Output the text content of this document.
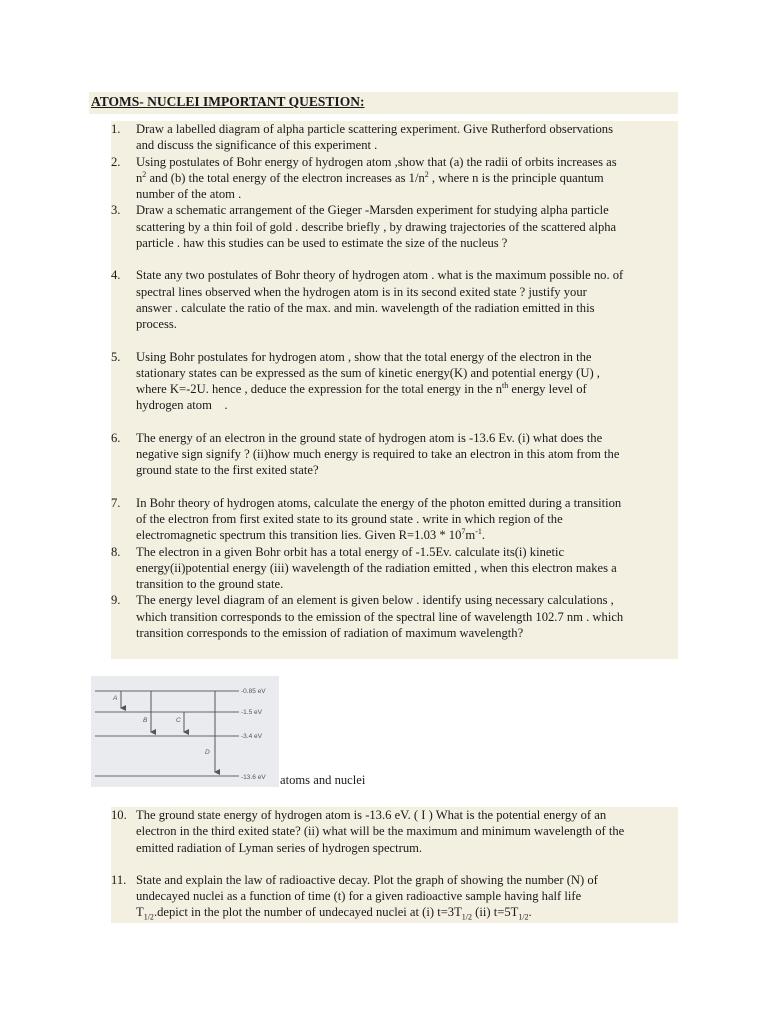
ATOMS- NUCLEI IMPORTANT QUESTION:
1. Draw a labelled diagram of alpha particle scattering experiment. Give Rutherford observations
and discuss the significance of this experiment .
2. Using postulates of Bohr energy of hydrogen atom ,show that (a) the radii of orbits increases as
$n^2$ and (b) the total energy of the electron increases as $1/n^2$ , where n is the principle quantum
number of the atom .
3. Draw a schematic arrangement of the Gieger -Marsden experiment for studying alpha particle
scattering by a thin foil of gold . describe briefly , by drawing trajectories of the scattered alpha
particle . haw this studies can be used to estimate the size of the nucleus ?
4. State any two postulates of Bohr theory of hydrogen atom . what is the maximum possible no. of
spectral lines observed when the hydrogen atom is in its second exited state ? justify your
answer . calculate the ratio of the max. and min. wavelength of the radiation emitted in this
process.
5. Using Bohr postulates for hydrogen atom , show that the total energy of the electron in the
stationary states can be expressed as the sum of kinetic energy(K) and potential energy (U) ,
where K=-2U. hence , deduce the expression for the total energy in the $n^{th}$ energy level of
hydrogen atom    .
6. The energy of an electron in the ground state of hydrogen atom is -13.6 Ev. (i) what does the
negative sign signify ? (ii)how much energy is required to take an electron in this atom from the
ground state to the first exited state?
7. In Bohr theory of hydrogen atoms, calculate the energy of the photon emitted during a transition
of the electron from first exited state to its ground state . write in which region of the
electromagnetic spectrum this transition lies. Given $R=1.03 * 10^7m^{-1}$.
8. The electron in a given Bohr orbit has a total energy of -1.5Ev. calculate its(i) kinetic
energy(ii)potential energy (iii) wavelength of the radiation emitted , when this electron makes a
transition to the ground state.
9. The energy level diagram of an element is given below . identify using necessary calculations ,
which transition corresponds to the emission of the spectral line of wavelength 102.7 nm . which
transition corresponds to the emission of radiation of maximum wavelength?
A
B	C
D
-0.85 eV
-1.5 eV
-3.4 eV
-13.6 eV atoms and nuclei
10. The ground state energy of hydrogen atom is -13.6 eV. ( I ) What is the potential energy of an
electron in the third exited state? (ii) what will be the maximum and minimum wavelength of the
emitted radiation of Lyman series of hydrogen spectrum.
11. State and explain the law of radioactive decay. Plot the graph of showing the number (N) of
undecayed nuclei as a function of time (t) for a given radioactive sample having half life
$T_{1/2}.depict$ in the plot the number of undecayed nuclei at (i) $t=3T_{1/2}$ (ii) $t=5T_{1/2}$.
